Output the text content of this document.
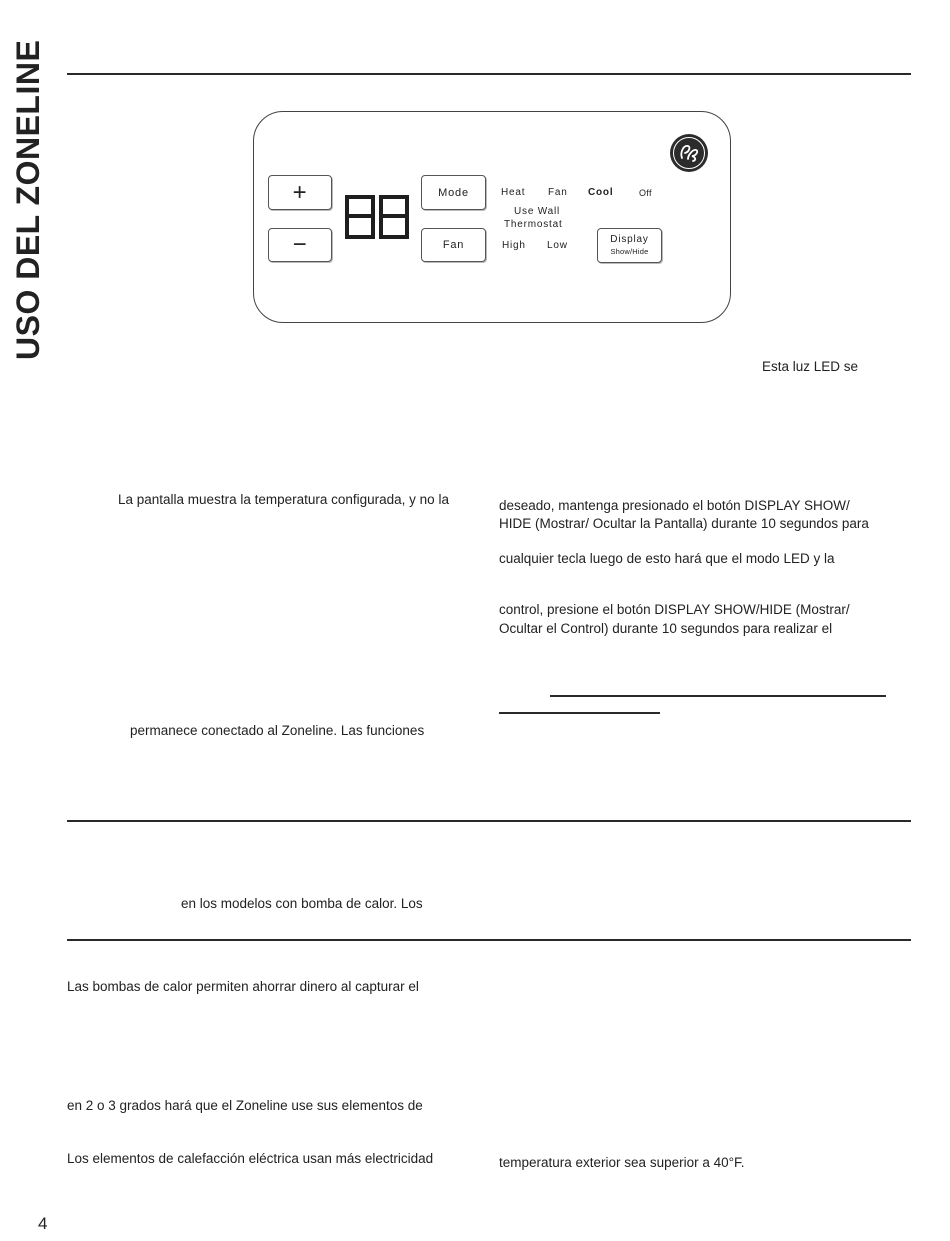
USO DEL ZONELINE	+
−
Mode
Fan
Heat Fan Cool	Off
Use Wall
Thermostat
High Low
Display
Show/Hide
Esta luz LED se
deseado, mantenga presionado el botón DISPLAY SHOW/
HIDE (Mostrar/ Ocultar la Pantalla) durante 10 segundos para
cualquier tecla luego de esto hará que el modo LED y la
control, presione el botón DISPLAY SHOW/HIDE (Mostrar/
Ocultar el Control) durante 10 segundos para realizar el
temperatura exterior sea superior a 40°F.
La pantalla muestra la temperatura configurada, y no la
permanece conectado al Zoneline. Las funciones
en los modelos con bomba de calor. Los
Las bombas de calor permiten ahorrar dinero al capturar el
en 2 o 3 grados hará que el Zoneline use sus elementos de
Los elementos de calefacción eléctrica usan más electricidad
4
